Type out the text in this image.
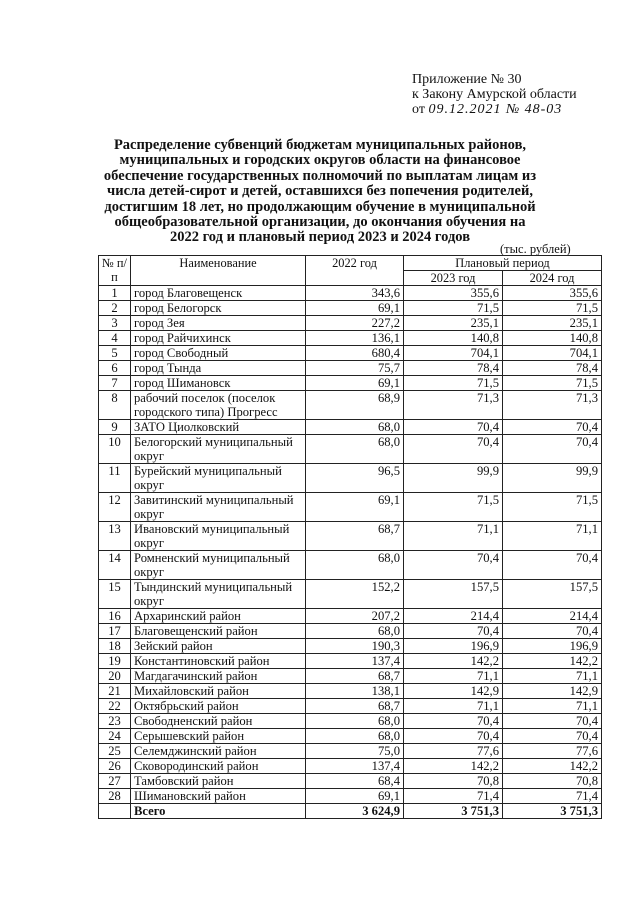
Приложение № 30
к Закону Амурской области
от 09.12.2021 № 48-03
Распределение субвенций бюджетам муниципальных районов, муниципальных и городских округов области на финансовое обеспечение государственных полномочий по выплатам лицам из числа детей-сирот и детей, оставшихся без попечения родителей, достигшим 18 лет, но продолжающим обучение в муниципальной общеобразовательной организации, до окончания обучения на 2022 год и плановый период 2023 и 2024 годов
(тыс. рублей)
№ п/п	Наименование	2022 год	Плановый период	
			2023 год	2024 год
1	город Благовещенск	343,6	355,6	355,6
2	город Белогорск	69,1	71,5	71,5
3	город Зея	227,2	235,1	235,1
4	город Райчихинск	136,1	140,8	140,8
5	город Свободный	680,4	704,1	704,1
6	город Тында	75,7	78,4	78,4
7	город Шимановск	69,1	71,5	71,5
8	рабочий поселок (поселок городского типа) Прогресс	68,9	71,3	71,3
9	ЗАТО Циолковский	68,0	70,4	70,4
10	Белогорский муниципальный округ	68,0	70,4	70,4
11	Бурейский муниципальный округ	96,5	99,9	99,9
12	Завитинский муниципальный округ	69,1	71,5	71,5
13	Ивановский муниципальный округ	68,7	71,1	71,1
14	Ромненский муниципальный округ	68,0	70,4	70,4
15	Тындинский муниципальный округ	152,2	157,5	157,5
16	Архаринский район	207,2	214,4	214,4
17	Благовещенский район	68,0	70,4	70,4
18	Зейский район	190,3	196,9	196,9
19	Константиновский район	137,4	142,2	142,2
20	Магдагачинский район	68,7	71,1	71,1
21	Михайловский район	138,1	142,9	142,9
22	Октябрьский район	68,7	71,1	71,1
23	Свободненский район	68,0	70,4	70,4
24	Серышевский район	68,0	70,4	70,4
25	Селемджинский район	75,0	77,6	77,6
26	Сковородинский район	137,4	142,2	142,2
27	Тамбовский район	68,4	70,8	70,8
28	Шимановский район	69,1	71,4	71,4
	Всего	3 624,9	3 751,3	3 751,3
